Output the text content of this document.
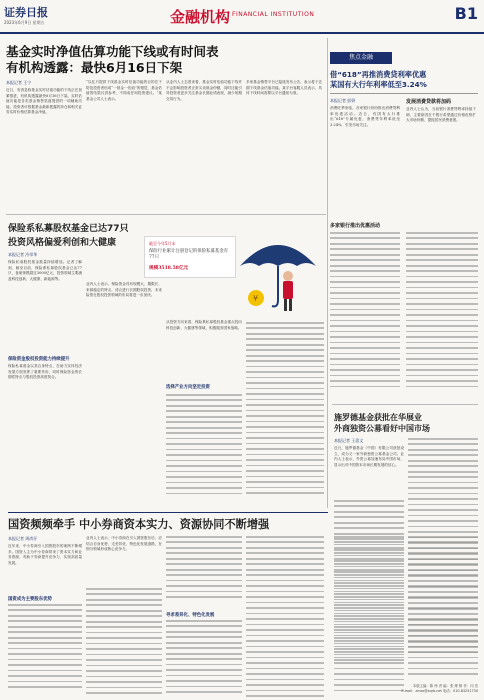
证券日报
2023年6月9日 星期五	金融机构 FINANCIAL INSTITUTION	B1
基金实时净值估算功能下线或有时间表
有机构透露：最快6月16日下架
本报记者 王宁
近日，有消息称基金实时估值功能的下线正在加紧推进，有机构透露最快6月16日下架。实时估值功能是各类基金销售渠道提供的一项辅助功能，投资者可根据基金最新披露的持仓和相关证券实时价格估算基金净值。
“以往只提供下线基金实时估值功能的目的在于防范投资者形成“一基金一估值”的错觉，基金估值的结果仅供参考，不构成任何投资建议。”某基金公司人士表示。
从业内人士态度来看，基金实时估值功能下线并不会影响投资者正常买卖基金份额，同时还能引导投资者更多关注基金长期业绩表现，减少短期交易行为。
多家基金销售平台已陆续发布公告，表示将于近期下线基金估值功能。某平台客服人员表示，具体下线时间需要以平台通知为准。
焦点金融
借“618”再推消费贷利率优惠
某国有大行年利率低至3.24%
本报记者 彭妍
消费旺季来临，各家银行纷纷推出消费贷利率优惠活动。近日，有国有大行推出“618”专属优惠，消费贷年利率低至3.24%，引发市场关注。
发展消费贷款将加码
业内人士认为，当前银行消费贷利率持续下调，主要原因在于银行希望通过价格优势扩大市场份额，提振居民消费意愿。
多家银行推出优惠活动
保险系私募股权基金已达77只
投资风格偏爱利创和大健康
本报记者 冷翠华
截至今年5月末
保险行业累计注册登记的保险私募基金有77只
规模3518.58亿元
¥
保险私募股权基金数量持续增加。记者了解到，截至目前，保险系私募股权基金已达77只，备案规模超过3000亿元，投资领域主要涵盖科技创新、大健康、新能源等。
保险资金股权投资能力持续提升
保险私募基金以其自身特点，在助力实体经济发展方面发挥了重要作用，同时保险资金的长期性特点与股权投资高度契合。
业内人士表示，保险资金具有规模大、期限长、来源稳定的特点，适合进行长期股权投资，未来险资在股权投资领域的布局将进一步加快。
从投资方向来看，保险系私募股权基金重点投向科技创新、大健康等领域，积极服务国家战略。
选择产业方向坚定投资
施罗德基金获批在华展业
外商独资公募看好中国市场
本报记者 王思文
近日，施罗德基金（中国）有限公司获批设立，成为又一家外商独资公募基金公司。业内人士表示，外资公募加速布局中国市场，显示出对中国资本市场长期发展的信心。
国资频频牵手 中小券商资本实力、资源协同不断增强
本报记者 周尚仔
近年来，中小券商引入国资股东的案例不断增多。国资入主为中小券商带来了资本实力和业务资源，有助于券商提升竞争力，实现高质量发展。
国资成为主要股东优势
业内人士表示，中小券商在引入国资股东后，应结合自身优势，走差异化、特色化发展道路，在细分领域形成核心竞争力。
寻求差异化、特色化发展
本版主编：陈 炜 责 编：张 博 制 作：闫 亮
E-mail：zmzx@zqrb.net 电话：010-83251730
